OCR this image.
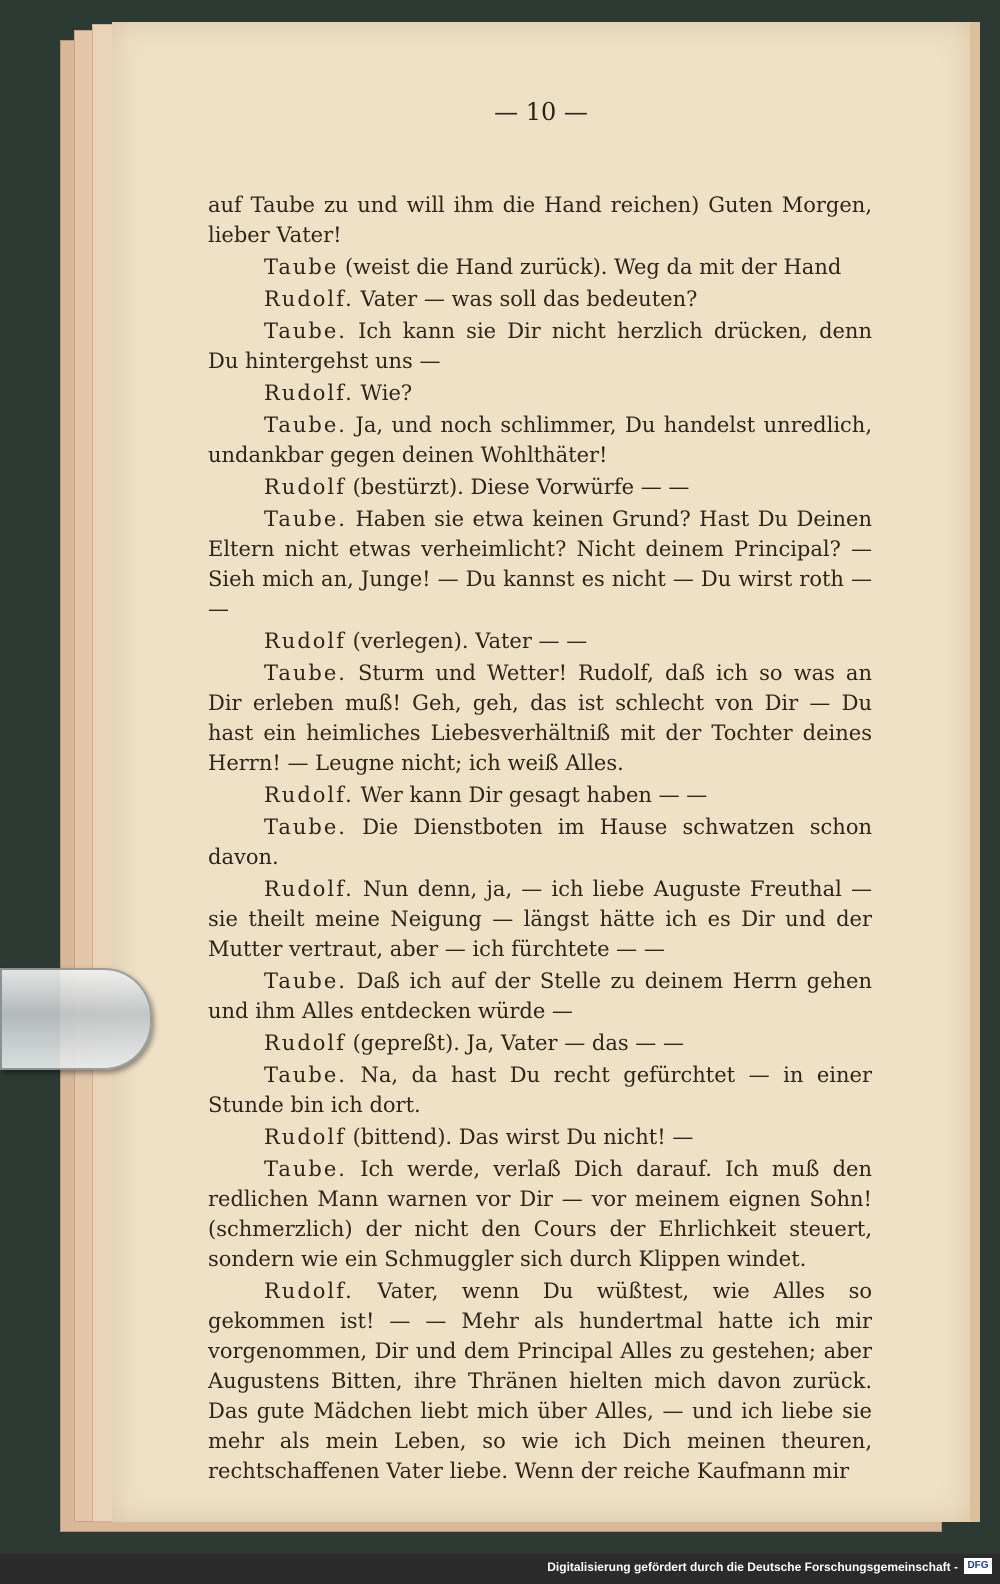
— 10 —

auf Taube zu und will ihm die Hand reichen) Guten Morgen, lieber Vater!

Taube (weist die Hand zurück). Weg da mit der Hand

Rudolf. Vater — was soll das bedeuten?

Taube. Ich kann sie Dir nicht herzlich drücken, denn Du hintergehst uns —

Rudolf. Wie?

Taube. Ja, und noch schlimmer, Du handelst unredlich, undankbar gegen deinen Wohlthäter!

Rudolf (bestürzt). Diese Vorwürfe — —

Taube. Haben sie etwa keinen Grund? Hast Du Deinen Eltern nicht etwas verheimlicht? Nicht deinem Principal? — Sieh mich an, Junge! — Du kannst es nicht — Du wirst roth — —

Rudolf (verlegen). Vater — —

Taube. Sturm und Wetter! Rudolf, daß ich so was an Dir erleben muß! Geh, geh, das ist schlecht von Dir — Du hast ein heimliches Liebesverhältniß mit der Tochter deines Herrn! — Leugne nicht; ich weiß Alles.

Rudolf. Wer kann Dir gesagt haben — —

Taube. Die Dienstboten im Hause schwatzen schon davon.

Rudolf. Nun denn, ja, — ich liebe Auguste Freuthal — sie theilt meine Neigung — längst hätte ich es Dir und der Mutter vertraut, aber — ich fürchtete — —

Taube. Daß ich auf der Stelle zu deinem Herrn gehen und ihm Alles entdecken würde —

Rudolf (gepreßt). Ja, Vater — das — —

Taube. Na, da hast Du recht gefürchtet — in einer Stunde bin ich dort.

Rudolf (bittend). Das wirst Du nicht! —

Taube. Ich werde, verlaß Dich darauf. Ich muß den redlichen Mann warnen vor Dir — vor meinem eignen Sohn! (schmerzlich) der nicht den Cours der Ehrlichkeit steuert, sondern wie ein Schmuggler sich durch Klippen windet.

Rudolf. Vater, wenn Du wüßtest, wie Alles so gekommen ist! — — Mehr als hundertmal hatte ich mir vorgenommen, Dir und dem Principal Alles zu gestehen; aber Augustens Bitten, ihre Thränen hielten mich davon zurück. Das gute Mädchen liebt mich über Alles, — und ich liebe sie mehr als mein Leben, so wie ich Dich meinen theuren, rechtschaffenen Vater liebe. Wenn der reiche Kaufmann mir

Digitalisierung gefördert durch die Deutsche Forschungsgemeinschaft - DFG
